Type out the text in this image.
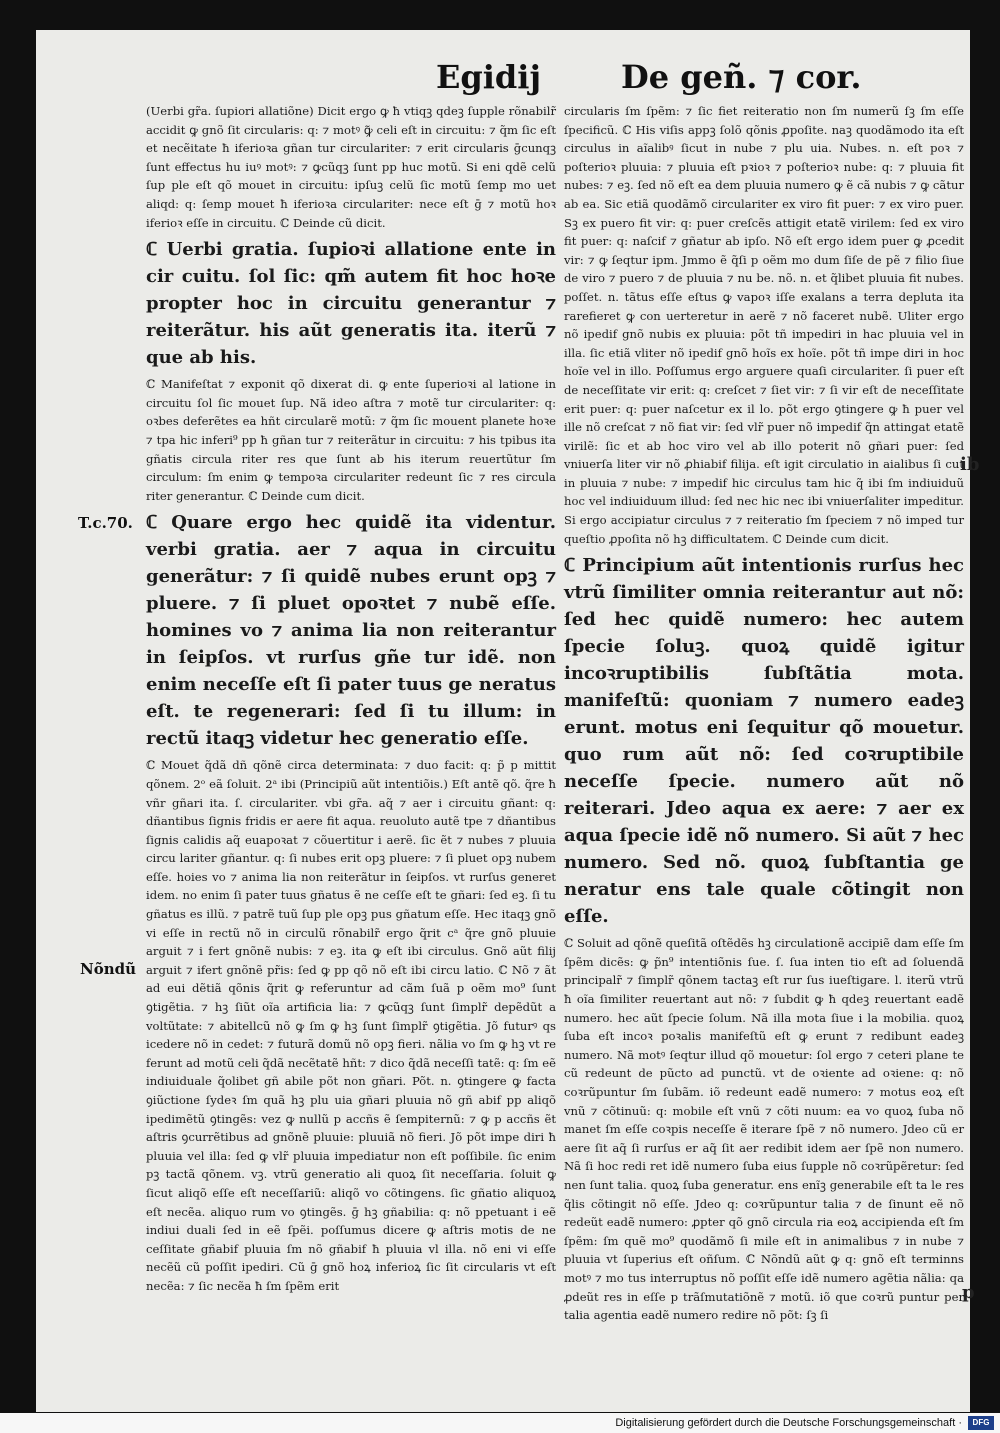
Egidij De geñ. ⁊ cor.

(Uerbi gr̃a. ſupiori allatiõne) Dicit ergo ꝙ ħ vtiqꝫ qdeꝫ ſupple rõnabilr̃ accidit ꝙ gnõ ſit circularis: q: ⁊ motꝰ ꝙ̃ celi eſt in circuitu: ⁊ q̃m ſic eſt et necẽitate ħ iferioꝛa gñan tur circulariter: ⁊ erit circularis ḡcunqꝫ ſunt effectus hu iuꝰ motꝰ: ⁊ ꝙcũqꝫ ſunt pp huc motũ. Si eni qdẽ celũ ſup ple eſt qõ mouet in circuitu: ipſuꝫ celũ ſic motũ ſemp mo uet aliqd: q: ſemp mouet ħ iferioꝛa circulariter: nece eſt ḡ ⁊ motũ hoꝛ iferioꝛ eſſe in circuitu. ℂ Deinde cũ dicit.

ℂ Uerbi gratia. ſupioꝛi allatione ente in cir cuitu. ſol ſic: qm̃ autem fit hoc hoꝛe propter hoc in circuitu generantur ⁊ reiterãtur. his aũt generatis ita. iterũ ⁊ que ab his.

ℂ Manifeſtat ⁊ exponit qõ dixerat di. ꝙ ente ſuperioꝛi al latione in circuitu ſol ſic mouet ſup. Nã ideo aſtra ⁊ motẽ tur circulariter: q: oꝛbes deferẽtes ea hñt circularẽ motũ: ⁊ q̃m ſic mouent planete hoꝛe ⁊ tpa hic inferi⁹ pp ħ gñan tur ⁊ reiterãtur in circuitu: ⁊ his tpibus ita gñatis circula riter res que ſunt ab his iterum reuertũtur ſm circulum: ſm enim ꝙ tempoꝛa circulariter redeunt ſic ⁊ res circula riter generantur. ℂ Deinde cum dicit.

ℂ Quare ergo hec quidẽ ita videntur. verbi gratia. aer ⁊ aqua in circuitu generãtur: ⁊ ſi quidẽ nubes erunt opꝫ ⁊ pluere. ⁊ ſi pluet opoꝛtet ⁊ nubẽ eſſe. homines vo ⁊ anima lia non reiterantur in ſeipſos. vt rurſus gñe tur idẽ. non enim neceſſe eſt ſi pater tuus ge neratus eſt. te regenerari: ſed ſi tu illum: in rectũ itaqꝫ videtur hec generatio eſſe.

ℂ Mouet q̃dã dñ qõnẽ circa determinata: ⁊ duo facit: q: p̃ p mittit qõnem. 2ᵒ eã ſoluit. 2ᵃ ibi (Principiũ aũt intentiõis.) Eſt antẽ qõ. q̃re ħ vñr gñari ita. ſ. circulariter. vbi gr̃a. aq̃ ⁊ aer i circuitu gñant: q: dñantibus ſignis fridis er aere fit aqua. reuoluto autẽ tpe ⁊ dñantibus ſignis calidis aq̃ euapoꝛat ⁊ cõuertitur i aerẽ. ſic ẽt ⁊ nubes ⁊ pluuia circu lariter gñantur. q: ſi nubes erit opꝫ pluere: ⁊ ſi pluet opꝫ nubem eſſe. hoies vo ⁊ anima lia non reiterãtur in ſeipſos. vt rurſus generet idem. no enim ſi pater tuus gñatus ẽ ne ceſſe eſt te gñari: ſed eꝫ. ſi tu gñatus es illũ. ⁊ patrẽ tuũ ſup ple opꝫ pus gñatum eſſe. Hec itaqꝫ gnõ vi eſſe in rectũ nõ in circulũ rõnabilr̃ ergo q̃rit cᵃ q̃re gnõ pluuie arguit ⁊ i fert gnõnẽ nubis: ⁊ eꝫ. ita ꝙ eſt ibi circulus. Gnõ aũt filij arguit ⁊ ifert gnõnẽ pr̃is: ſed ꝙ pp qõ nõ eſt ibi circu latio. ℂ Nõ ⁊ ãt ad eui dẽtiã qõnis q̃rit ꝙ referuntur ad cãm ſuã p oẽm mo⁹ ſunt ꝯtigẽtia. ⁊ hꝫ ſiũt oĩa artificia lia: ⁊ ꝙcũqꝫ ſunt ſimplr̃ depẽdũt a voltũtate: ⁊ abitellcũ nõ ꝙ ſm ꝙ hꝫ ſunt ſimplr̃ ꝯtigẽtia. Jõ futurꝰ qs icedere nõ in cedet: ⁊ futurã domũ nõ opꝫ fieri. nãlia vo ſm ꝙ hꝫ vt re ferunt ad motũ celi q̃dã necẽtatẽ hñt: ⁊ dico q̃dã neceſſi tatẽ: q: ſm eẽ indiuiduale q̃olibet gñ abile põt non gñari. Põt. n. ꝯtingere ꝙ facta ꝯiũctione ſydeꝛ ſm quã hꝫ plu uia gñari pluuia nõ gñ abif pp aliqõ ipedimẽtũ ꝯtingẽs: vez ꝙ nullũ p accñs ẽ ſempiternũ: ⁊ ꝙ p accñs ẽt aſtris ꝯcurrẽtibus ad gnõnẽ pluuie: pluuiã nõ fieri. Jõ põt impe diri ħ pluuia vel illa: ſed ꝙ vlr̃ pluuia impediatur non eſt poſſibile. ſic enim pꝫ tactã qõnem. vꝫ. vtrũ generatio ali quoꝝ ſit neceſſaria. ſoluit ꝙ ſicut aliqõ eſſe eſt neceſſariũ: aliqõ vo cõtingens. ſic gñatio aliquoꝝ eſt necẽa. aliquo rum vo ꝯtingẽs. ḡ hꝫ gñabilia: q: nõ ppetuant i eẽ indiui duali ſed in eẽ ſpẽi. poſſumus dicere ꝙ aſtris motis de ne ceſſitate gñabif pluuia ſm nõ gñabif ħ pluuia vl illa. nõ eni vi eſſe necẽũ cũ poſſit ipediri. Cũ ḡ gnõ hoꝝ inferioꝝ ſic ſit circularis vt eſt necẽa: ⁊ ſic necẽa ħ ſm ſpẽm erit

circularis ſm ſpẽm: ⁊ ſic fiet reiteratio non ſm numerũ ſꝫ ſm eſſe ſpecificũ. ℂ His viſis appꝫ ſolõ qõnis ꝓpoſite. naꝫ quodãmodo ita eſt circulus in aĩalibꝰ ſicut in nube ⁊ plu uia. Nubes. n. eſt poꝛ ⁊ poſterioꝛ pluuia: ⁊ pluuia eſt pꝛioꝛ ⁊ poſterioꝛ nube: q: ⁊ pluuia fit nubes: ⁊ eꝫ. ſed nõ eſt ea dem pluuia numero ꝙ ẽ cã nubis ⁊ ꝙ cãtur ab ea. Sic etiã quodãmõ circulariter ex viro fit puer: ⁊ ex viro puer. Sꝫ ex puero fit vir: q: puer creſcẽs attigit etatẽ virilem: ſed ex viro fit puer: q: naſcif ⁊ gñatur ab ipſo. Nõ eſt ergo idem puer ꝙ ꝓcedit vir: ⁊ ꝙ ſeqtur ipm. Jmmo ẽ q̃ſi p oẽm mo dum ſiſe de pẽ ⁊ filio ſiue de viro ⁊ puero ⁊ de pluuia ⁊ nu be. nõ. n. et q̃libet pluuia fit nubes. poſſet. n. tãtus eſſe eſtus ꝙ vapoꝛ iſſe exalans a terra depluta ita rarefieret ꝙ con uerteretur in aerẽ ⁊ nõ faceret nubẽ. Uliter ergo nõ ipedif gnõ nubis ex pluuia: põt tñ impediri in hac pluuia vel in illa. ſic etiã vliter nõ ipedif gnõ hoĩs ex hoĩe. põt tñ impe diri in hoc hoĩe vel in illo. Poſſumus ergo arguere quaſi circulariter. ſi puer eſt de neceſſitate vir erit: q: creſcet ⁊ ſiet vir: ⁊ ſi vir eſt de neceſſitate erit puer: q: puer naſcetur ex il lo. põt ergo ꝯtingere ꝙ ħ puer vel ille nõ creſcat ⁊ nõ fiat vir: ſed vlr̃ puer nõ impedif q̃n attingat etatẽ virilẽ: ſic et ab hoc viro vel ab illo poterit nõ gñari puer: ſed vniuerſa liter vir nõ ꝓhiabif filija. eſt igit circulatio in aialibus ſi cut in pluuia ⁊ nube: ⁊ impedif hic circulus tam hic q̃ ibi ſm indiuiduũ hoc vel indiuiduum illud: ſed nec hic nec ibi vniuerſaliter impeditur. Si ergo accipiatur circulus ⁊ ⁊ reiteratio ſm ſpeciem ⁊ nõ imped tur queſtio ꝓpoſita nõ hꝫ difficultatem. ℂ Deinde cum dicit.

ℂ Principium aũt intentionis rurſus hec vtrũ ſimiliter omnia reiterantur aut nõ: ſed hec quidẽ numero: hec autem ſpecie ſoluꝫ. quoꝝ quidẽ igitur incoꝛruptibilis ſubſtãtia mota. manifeſtũ: quoniam ⁊ numero eadeꝫ erunt. motus eni ſequitur qõ mouetur. quo rum aũt nõ: ſed coꝛruptibile neceſſe ſpecie. numero aũt nõ reiterari. Jdeo aqua ex aere: ⁊ aer ex aqua ſpecie idẽ nõ numero. Si aũt ⁊ hec numero. Sed nõ. quoꝝ ſubſtantia ge neratur ens tale quale cõtingit non eſſe.

ℂ Soluit ad qõnẽ queſitã oſtẽdẽs hꝫ circulationẽ accipiẽ dam eſſe ſm ſpẽm dicẽs: ꝙ p̃n⁹ intentiõnis ſue. ſ. ſua inten tio eſt ad ſoluendã principalr̃ ⁊ ſimplr̃ qõnem tactaꝫ eſt rur ſus iueſtigare. l. iterũ vtrũ ħ oĩa ſimiliter reuertant aut nõ: ⁊ ſubdit ꝙ ħ qdeꝫ reuertant eadẽ numero. hec aũt ſpecie ſolum. Nã illa mota ſiue i la mobilia. quoꝝ ſuba eſt incoꝛ poꝛalis manifeſtũ eſt ꝙ erunt ⁊ redibunt eadeꝫ numero. Nã motꝰ ſeqtur illud qõ mouetur: ſol ergo ⁊ ceteri plane te cũ redeunt de pũcto ad punctũ. vt de oꝛiente ad oꝛiene: q: nõ coꝛrũpuntur ſm ſubãm. iõ redeunt eadẽ numero: ⁊ motus eoꝝ eſt vnũ ⁊ cõtinuũ: q: mobile eſt vnũ ⁊ cõti nuum: ea vo quoꝝ ſuba nõ manet ſm eſſe coꝛpis neceſſe ẽ iterare ſpẽ ⁊ nõ numero. Jdeo cũ er aere ſit aq̃ ſi rurſus er aq̃ ſit aer redibit idem aer ſpẽ non numero. Nã ſi hoc redi ret idẽ numero ſuba eius ſupple nõ coꝛrũpẽretur: ſed nen ſunt talia. quoꝝ ſuba generatur. ens enĩꝫ generabile eſt ta le res q̃lis cõtingit nõ eſſe. Jdeo q: coꝛrũpuntur talia ⁊ de ſinunt eẽ nõ redeũt eadẽ numero: ꝓpter qõ gnõ circula ria eoꝝ accipienda eſt ſm ſpẽm: ſm quẽ mo⁹ quodãmõ ſi mile eſt in animalibus ⁊ in nube ⁊ pluuia vt ſuperius eſt oñſum. ℂ Nõndũ aũt ꝙ q: gnõ eſt terminns motꝰ ⁊ mo tus interruptus nõ poſſit eſſe idẽ numero agẽtia nãlia: qa ꝓdeũt res in eſſe p trãſmutatiõnẽ ⁊ motũ. iõ que coꝛrũ puntur per talia agentia eadẽ numero redire nõ põt: ſꝫ ſi

T.c.70.
Nõndũ
ib
p
Digitalisierung gefördert durch die Deutsche Forschungsgemeinschaft ·	DFG
